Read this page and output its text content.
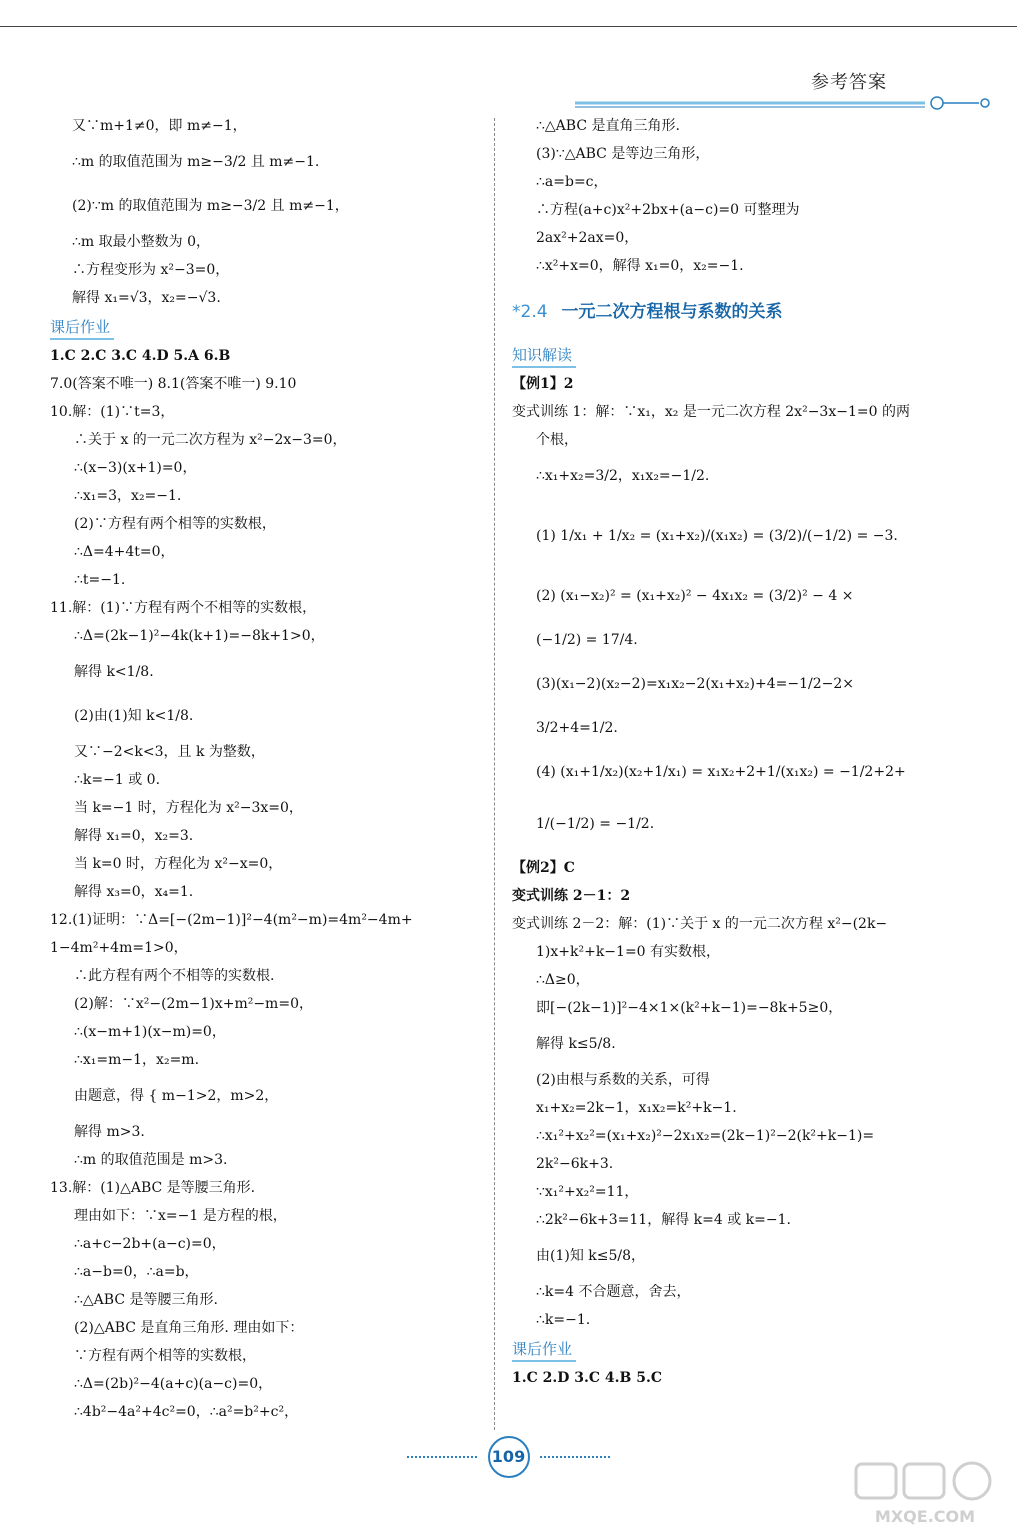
参考答案
又∵m+1≠0，即 m≠−1，
∴m 的取值范围为 m≥−3/2 且 m≠−1.
(2)∵m 的取值范围为 m≥−3/2 且 m≠−1，
∴m 取最小整数为 0，
∴方程变形为 x²−3=0，
解得 x₁=√3，x₂=−√3.
课后作业
1.C 2.C 3.C 4.D 5.A 6.B
7.0(答案不唯一) 8.1(答案不唯一) 9.10
10.解：(1)∵t=3，
∴关于 x 的一元二次方程为 x²−2x−3=0，
∴(x−3)(x+1)=0，
∴x₁=3，x₂=−1.
(2)∵方程有两个相等的实数根，
∴Δ=4+4t=0，
∴t=−1.
11.解：(1)∵方程有两个不相等的实数根，
∴Δ=(2k−1)²−4k(k+1)=−8k+1>0，
解得 k<1/8.
(2)由(1)知 k<1/8.
又∵−2<k<3，且 k 为整数，
∴k=−1 或 0.
当 k=−1 时，方程化为 x²−3x=0，
解得 x₁=0，x₂=3.
当 k=0 时，方程化为 x²−x=0，
解得 x₃=0，x₄=1.
12.(1)证明：∵Δ=[−(2m−1)]²−4(m²−m)=4m²−4m+
1−4m²+4m=1>0，
∴此方程有两个不相等的实数根.
(2)解：∵x²−(2m−1)x+m²−m=0，
∴(x−m+1)(x−m)=0，
∴x₁=m−1，x₂=m.
由题意，得 { m−1>2，m>2，
解得 m>3.
∴m 的取值范围是 m>3.
13.解：(1)△ABC 是等腰三角形.
理由如下：∵x=−1 是方程的根，
∴a+c−2b+(a−c)=0，
∴a−b=0，∴a=b，
∴△ABC 是等腰三角形.
(2)△ABC 是直角三角形. 理由如下：
∵方程有两个相等的实数根，
∴Δ=(2b)²−4(a+c)(a−c)=0，
∴4b²−4a²+4c²=0，∴a²=b²+c²，
∴△ABC 是直角三角形.
(3)∵△ABC 是等边三角形，
∴a=b=c，
∴方程(a+c)x²+2bx+(a−c)=0 可整理为
2ax²+2ax=0，
∴x²+x=0，解得 x₁=0，x₂=−1.
*2.4 一元二次方程根与系数的关系
知识解读
【例1】2
变式训练 1：解：∵x₁，x₂ 是一元二次方程 2x²−3x−1=0 的两
个根，
∴x₁+x₂=3/2，x₁x₂=−1/2.
(1) 1/x₁ + 1/x₂ = (x₁+x₂)/(x₁x₂) = (3/2)/(−1/2) = −3.
(2) (x₁−x₂)² = (x₁+x₂)² − 4x₁x₂ = (3/2)² − 4 ×
(−1/2) = 17/4.
(3)(x₁−2)(x₂−2)=x₁x₂−2(x₁+x₂)+4=−1/2−2×
3/2+4=1/2.
(4) (x₁+1/x₂)(x₂+1/x₁) = x₁x₂+2+1/(x₁x₂) = −1/2+2+
1/(−1/2) = −1/2.
【例2】C
变式训练 2－1：2
变式训练 2－2：解：(1)∵关于 x 的一元二次方程 x²−(2k−
1)x+k²+k−1=0 有实数根，
∴Δ≥0，
即[−(2k−1)]²−4×1×(k²+k−1)=−8k+5≥0，
解得 k≤5/8.
(2)由根与系数的关系，可得
x₁+x₂=2k−1，x₁x₂=k²+k−1.
∴x₁²+x₂²=(x₁+x₂)²−2x₁x₂=(2k−1)²−2(k²+k−1)=
2k²−6k+3.
∵x₁²+x₂²=11，
∴2k²−6k+3=11，解得 k=4 或 k=−1.
由(1)知 k≤5/8，
∴k=4 不合题意，舍去，
∴k=−1.
课后作业
1.C 2.D 3.C 4.B 5.C
109
MXQE.COM
